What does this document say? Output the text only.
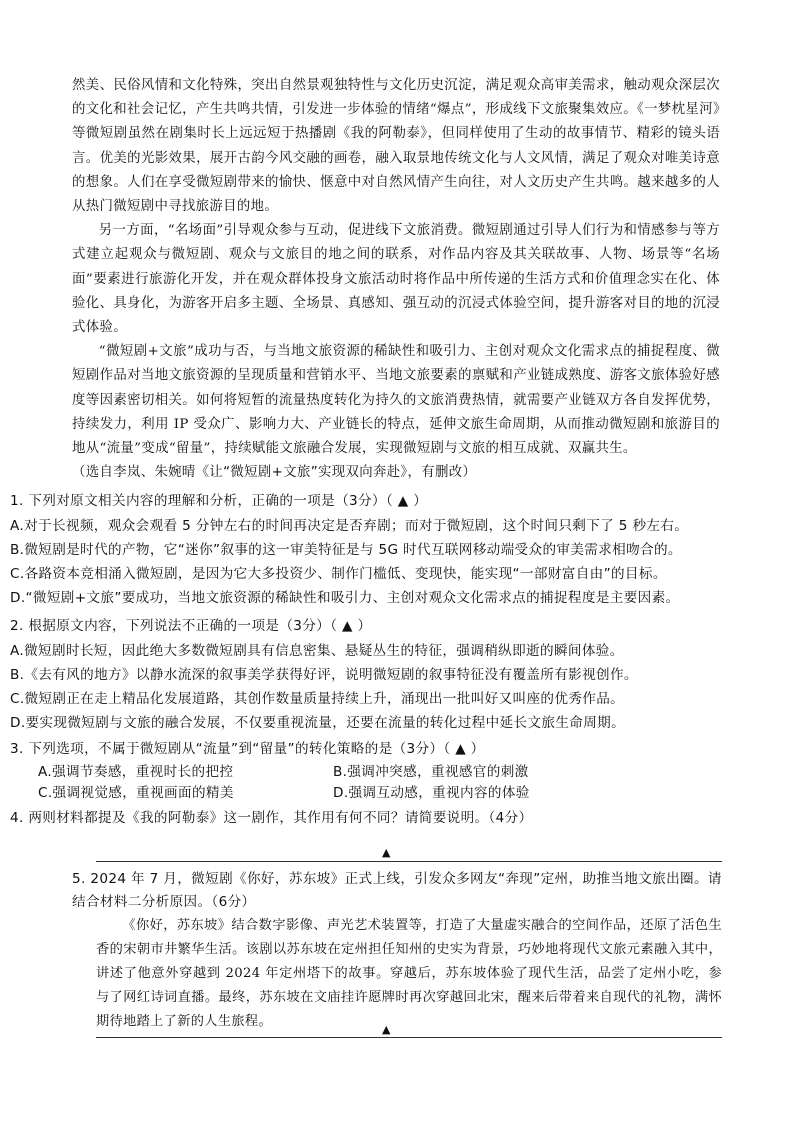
然美、民俗风情和文化特殊，突出自然景观独特性与文化历史沉淀，满足观众高审美需求，触动观众深层次的文化和社会记忆，产生共鸣共情，引发进一步体验的情绪“爆点”，形成线下文旅聚集效应。《一梦枕星河》等微短剧虽然在剧集时长上远远短于热播剧《我的阿勒泰》，但同样使用了生动的故事情节、精彩的镜头语言。优美的光影效果，展开古韵今风交融的画卷，融入取景地传统文化与人文风情，满足了观众对唯美诗意的想象。人们在享受微短剧带来的愉快、惬意中对自然风情产生向往，对人文历史产生共鸣。越来越多的人从热门微短剧中寻找旅游目的地。

另一方面，“名场面”引导观众参与互动，促进线下文旅消费。微短剧通过引导人们行为和情感参与等方式建立起观众与微短剧、观众与文旅目的地之间的联系，对作品内容及其关联故事、人物、场景等“名场面”要素进行旅游化开发，并在观众群体投身文旅活动时将作品中所传递的生活方式和价值理念实在化、体验化、具身化，为游客开启多主题、全场景、真感知、强互动的沉浸式体验空间，提升游客对目的地的沉浸式体验。

“微短剧+文旅”成功与否，与当地文旅资源的稀缺性和吸引力、主创对观众文化需求点的捕捉程度、微短剧作品对当地文旅资源的呈现质量和营销水平、当地文旅要素的禀赋和产业链成熟度、游客文旅体验好感度等因素密切相关。如何将短暂的流量热度转化为持久的文旅消费热情，就需要产业链双方各自发挥优势，持续发力，利用 IP 受众广、影响力大、产业链长的特点，延伸文旅生命周期，从而推动微短剧和旅游目的地从“流量”变成“留量”，持续赋能文旅融合发展，实现微短剧与文旅的相互成就、双赢共生。

（选自李岚、朱婉晴《让“微短剧+文旅”实现双向奔赴》，有删改）

1. 下列对原文相关内容的理解和分析，正确的一项是（3分）（ ▲ ）

A.对于长视频，观众会观看 5 分钟左右的时间再决定是否弃剧；而对于微短剧，这个时间只剩下了 5 秒左右。

B.微短剧是时代的产物，它“迷你”叙事的这一审美特征是与 5G 时代互联网移动端受众的审美需求相吻合的。

C.各路资本竞相涌入微短剧，是因为它大多投资少、制作门槛低、变现快，能实现“一部财富自由”的目标。

D.“微短剧+文旅”要成功，当地文旅资源的稀缺性和吸引力、主创对观众文化需求点的捕捉程度是主要因素。

2. 根据原文内容，下列说法不正确的一项是（3分）（ ▲ ）

A.微短剧时长短，因此绝大多数微短剧具有信息密集、悬疑丛生的特征，强调稍纵即逝的瞬间体验。

B.《去有风的地方》以静水流深的叙事美学获得好评，说明微短剧的叙事特征没有覆盖所有影视创作。

C.微短剧正在走上精品化发展道路，其创作数量质量持续上升，涌现出一批叫好又叫座的优秀作品。

D.要实现微短剧与文旅的融合发展，不仅要重视流量，还要在流量的转化过程中延长文旅生命周期。

3. 下列选项，不属于微短剧从“流量”到“留量”的转化策略的是（3分）（ ▲ ）

A.强调节奏感，重视时长的把控	B.强调冲突感，重视感官的刺激
C.强调视觉感，重视画面的精美	D.强调互动感，重视内容的体验

4. 两则材料都提及《我的阿勒泰》这一剧作，其作用有何不同？请简要说明。（4分）

▲

5. 2024 年 7 月，微短剧《你好，苏东坡》正式上线，引发众多网友“奔现”定州，助推当地文旅出圈。请结合材料二分析原因。（6分）

《你好，苏东坡》结合数字影像、声光艺术装置等，打造了大量虚实融合的空间作品，还原了活色生香的宋朝市井繁华生活。该剧以苏东坡在定州担任知州的史实为背景，巧妙地将现代文旅元素融入其中，讲述了他意外穿越到 2024 年定州塔下的故事。穿越后，苏东坡体验了现代生活，品尝了定州小吃，参与了网红诗词直播。最终，苏东坡在文庙挂许愿牌时再次穿越回北宋，醒来后带着来自现代的礼物，满怀期待地踏上了新的人生旅程。

▲
